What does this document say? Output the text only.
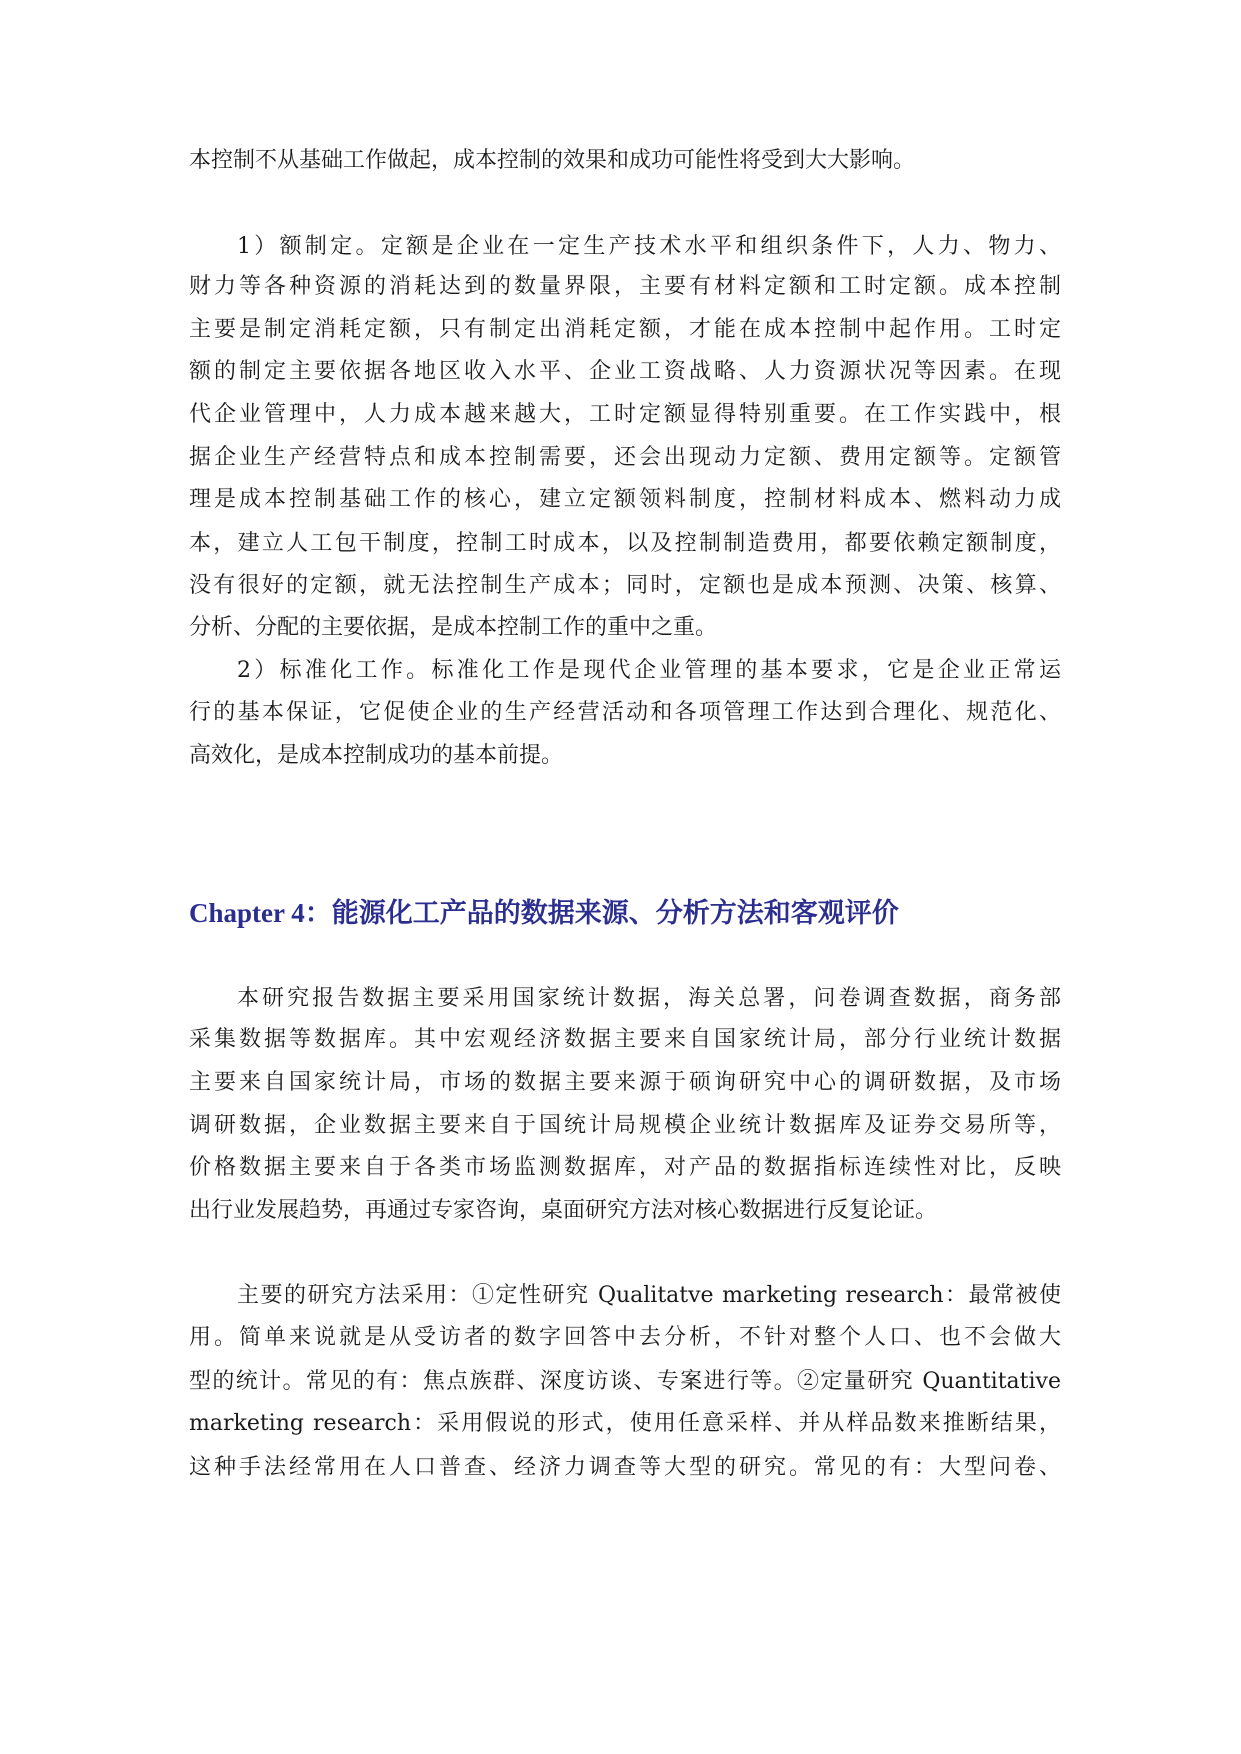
本控制不从基础工作做起，成本控制的效果和成功可能性将受到大大影响。
1）额制定。定额是企业在一定生产技术水平和组织条件下，人力、物力、
财力等各种资源的消耗达到的数量界限，主要有材料定额和工时定额。成本控制
主要是制定消耗定额，只有制定出消耗定额，才能在成本控制中起作用。工时定
额的制定主要依据各地区收入水平、企业工资战略、人力资源状况等因素。在现
代企业管理中，人力成本越来越大，工时定额显得特别重要。在工作实践中，根
据企业生产经营特点和成本控制需要，还会出现动力定额、费用定额等。定额管
理是成本控制基础工作的核心，建立定额领料制度，控制材料成本、燃料动力成
本，建立人工包干制度，控制工时成本，以及控制制造费用，都要依赖定额制度，
没有很好的定额，就无法控制生产成本；同时，定额也是成本预测、决策、核算、
分析、分配的主要依据，是成本控制工作的重中之重。
2）标准化工作。标准化工作是现代企业管理的基本要求，它是企业正常运
行的基本保证，它促使企业的生产经营活动和各项管理工作达到合理化、规范化、
高效化，是成本控制成功的基本前提。
Chapter 4：能源化工产品的数据来源、分析方法和客观评价
本研究报告数据主要采用国家统计数据，海关总署，问卷调查数据，商务部
采集数据等数据库。其中宏观经济数据主要来自国家统计局，部分行业统计数据
主要来自国家统计局，市场的数据主要来源于硕询研究中心的调研数据，及市场
调研数据，企业数据主要来自于国统计局规模企业统计数据库及证券交易所等，
价格数据主要来自于各类市场监测数据库，对产品的数据指标连续性对比，反映
出行业发展趋势，再通过专家咨询，桌面研究方法对核心数据进行反复论证。
主要的研究方法采用：①定性研究 Qualitatve marketing research：最常被使
用。简单来说就是从受访者的数字回答中去分析，不针对整个人口、也不会做大
型的统计。常见的有：焦点族群、深度访谈、专案进行等。②定量研究 Quantitative
marketing research：采用假说的形式，使用任意采样、并从样品数来推断结果，
这种手法经常用在人口普查、经济力调查等大型的研究。常见的有：大型问卷、
